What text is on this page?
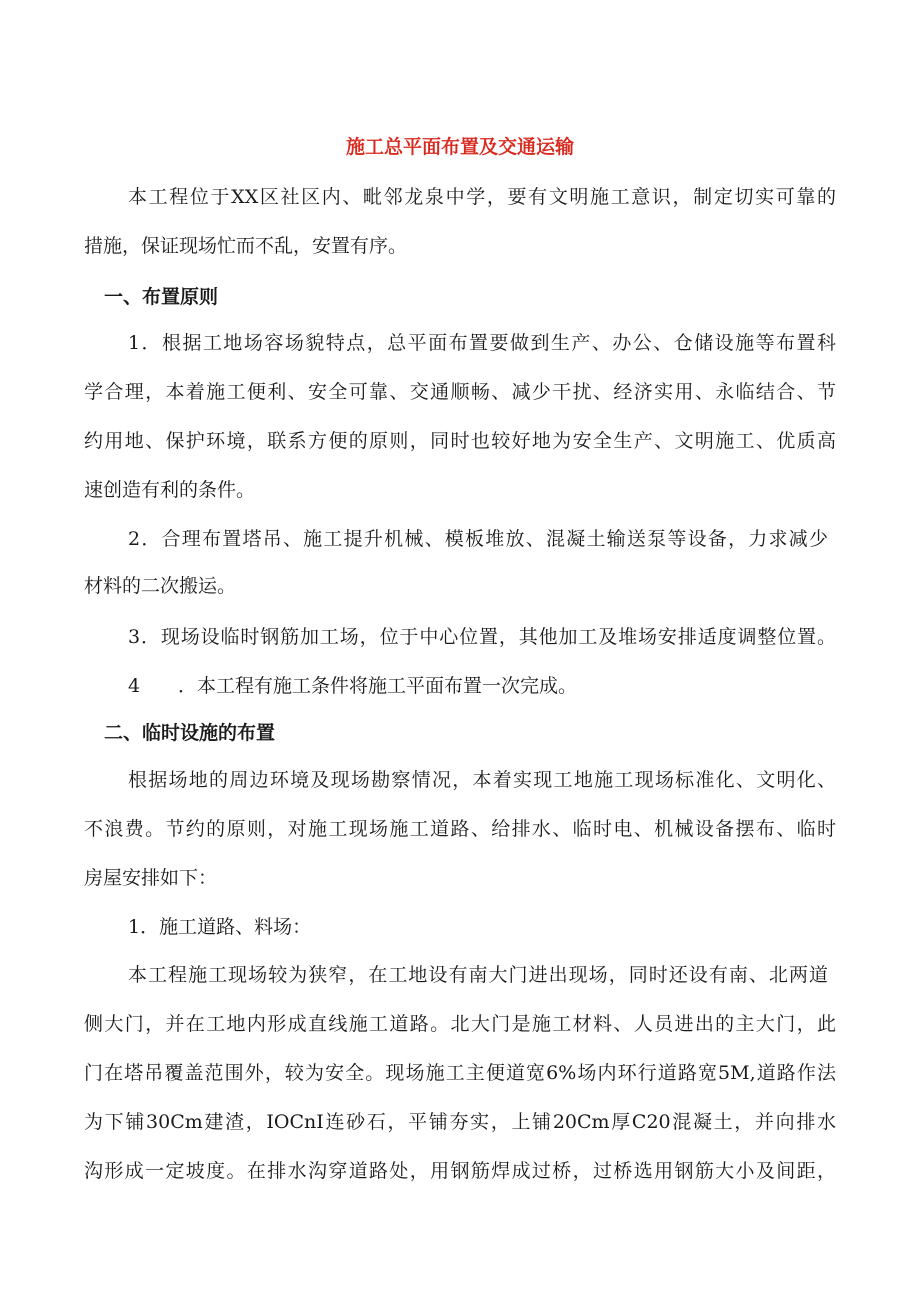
施工总平面布置及交通运输

本工程位于XX区社区内、毗邻龙泉中学，要有文明施工意识，制定切实可靠的

措施，保证现场忙而不乱，安置有序。

一、布置原则

1．根据工地场容场貌特点，总平面布置要做到生产、办公、仓储设施等布置科

学合理，本着施工便利、安全可靠、交通顺畅、减少干扰、经济实用、永临结合、节

约用地、保护环境，联系方便的原则，同时也较好地为安全生产、文明施工、优质高

速创造有利的条件。

2．合理布置塔吊、施工提升机械、模板堆放、混凝土输送泵等设备，力求减少

材料的二次搬运。

3．现场设临时钢筋加工场，位于中心位置，其他加工及堆场安排适度调整位置。

4	．本工程有施工条件将施工平面布置一次完成。

二、临时设施的布置

根据场地的周边环境及现场勘察情况，本着实现工地施工现场标准化、文明化、

不浪费。节约的原则，对施工现场施工道路、给排水、临时电、机械设备摆布、临时

房屋安排如下：

1．施工道路、料场：

本工程施工现场较为狭窄，在工地设有南大门进出现场，同时还设有南、北两道

侧大门，并在工地内形成直线施工道路。北大门是施工材料、人员进出的主大门，此

门在塔吊覆盖范围外，较为安全。现场施工主便道宽6%场内环行道路宽5M,道路作法

为下铺30Cm建渣，IOCnI连砂石，平铺夯实，上铺20Cm厚C20混凝土，并向排水

沟形成一定坡度。在排水沟穿道路处，用钢筋焊成过桥，过桥选用钢筋大小及间距，
